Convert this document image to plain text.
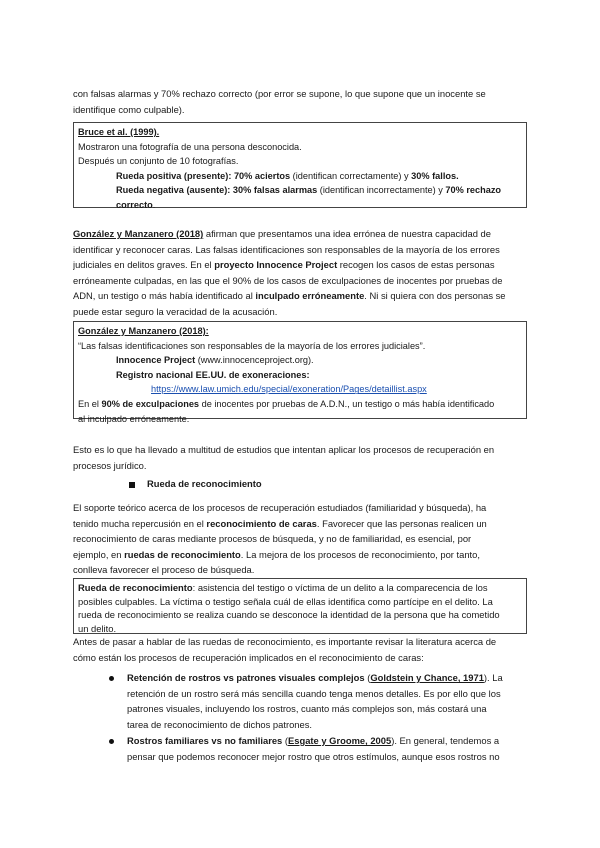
con falsas alarmas y 70% rechazo correcto (por error se supone, lo que supone que un inocente se
identifique como culpable).
Bruce et al. (1999).
Mostraron una fotografía de una persona desconocida.
Después un conjunto de 10 fotografías.
Rueda positiva (presente): 70% aciertos (identifican correctamente) y 30% fallos.
Rueda negativa (ausente): 30% falsas alarmas (identifican incorrectamente) y 70% rechazo
correcto.
González y Manzanero (2018) afirman que presentamos una idea errónea de nuestra capacidad de
identificar y reconocer caras. Las falsas identificaciones son responsables de la mayoría de los errores
judiciales en delitos graves. En el proyecto Innocence Project recogen los casos de estas personas
erróneamente culpadas, en las que el 90% de los casos de exculpaciones de inocentes por pruebas de
ADN, un testigo o más había identificado al inculpado erróneamente. Ni si quiera con dos personas se
puede estar seguro la veracidad de la acusación.
González y Manzanero (2018):
“Las falsas identificaciones son responsables de la mayoría de los errores judiciales”.
Innocence Project (www.innocenceproject.org).
Registro nacional EE.UU. de exoneraciones:
https://www.law.umich.edu/special/exoneration/Pages/detaillist.aspx
En el 90% de exculpaciones de inocentes por pruebas de A.D.N., un testigo o más había identificado
al inculpado erróneamente.
Esto es lo que ha llevado a multitud de estudios que intentan aplicar los procesos de recuperación en
procesos jurídico.
Rueda de reconocimiento
El soporte teórico acerca de los procesos de recuperación estudiados (familiaridad y búsqueda), ha
tenido mucha repercusión en el reconocimiento de caras. Favorecer que las personas realicen un
reconocimiento de caras mediante procesos de búsqueda, y no de familiaridad, es esencial, por
ejemplo, en ruedas de reconocimiento. La mejora de los procesos de reconocimiento, por tanto,
conlleva favorecer el proceso de búsqueda.
Rueda de reconocimiento: asistencia del testigo o víctima de un delito a la comparecencia de los
posibles culpables. La víctima o testigo señala cuál de ellas identifica como partícipe en el delito. La
rueda de reconocimiento se realiza cuando se desconoce la identidad de la persona que ha cometido
un delito.
Antes de pasar a hablar de las ruedas de reconocimiento, es importante revisar la literatura acerca de
cómo están los procesos de recuperación implicados en el reconocimiento de caras:
Retención de rostros vs patrones visuales complejos (Goldstein y Chance, 1971). La
retención de un rostro será más sencilla cuando tenga menos detalles. Es por ello que los
patrones visuales, incluyendo los rostros, cuanto más complejos son, más costará una
tarea de reconocimiento de dichos patrones.
Rostros familiares vs no familiares (Esgate y Groome, 2005). En general, tendemos a
pensar que podemos reconocer mejor rostro que otros estímulos, aunque esos rostros no
